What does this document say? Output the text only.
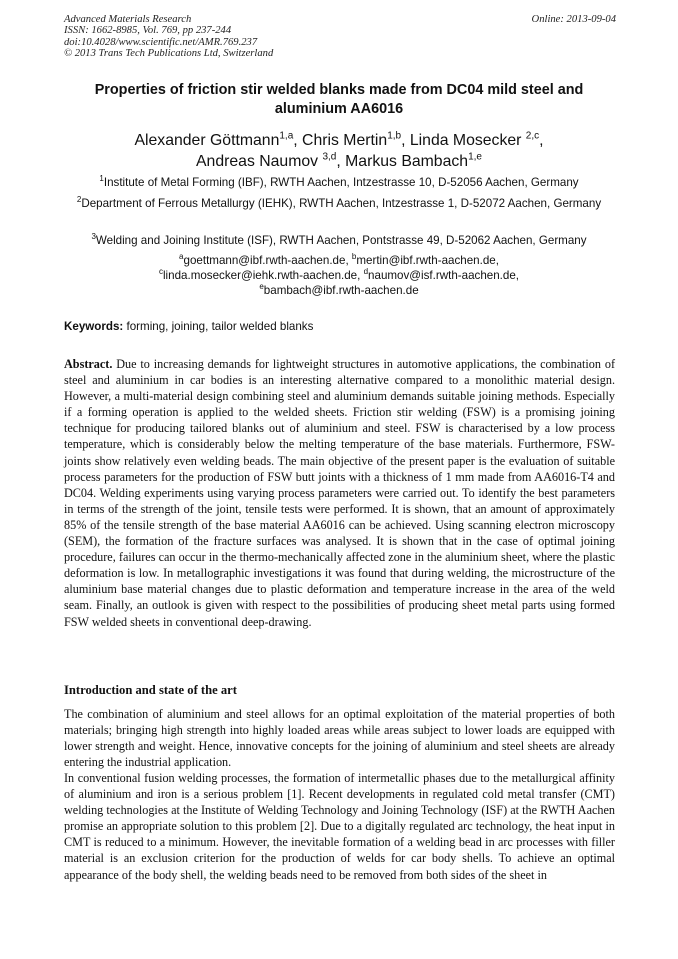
Advanced Materials Research
ISSN: 1662-8985, Vol. 769, pp 237-244
doi:10.4028/www.scientific.net/AMR.769.237
© 2013 Trans Tech Publications Ltd, Switzerland
Online: 2013-09-04
Properties of friction stir welded blanks made from DC04 mild steel and aluminium AA6016
Alexander Göttmann$^{1,a}$, Chris Mertin$^{1,b}$, Linda Mosecker $^{2,c}$,
Andreas Naumov $^{3,d}$, Markus Bambach$^{1,e}$
$^1$Institute of Metal Forming (IBF), RWTH Aachen, Intzestrasse 10, D-52056 Aachen, Germany
$^2$Department of Ferrous Metallurgy (IEHK), RWTH Aachen, Intzestrasse 1, D-52072 Aachen, Germany
$^3$Welding and Joining Institute (ISF), RWTH Aachen, Pontstrasse 49, D-52062 Aachen, Germany
$^a$goettmann@ibf.rwth-aachen.de, $^b$mertin@ibf.rwth-aachen.de,
$^c$linda.mosecker@iehk.rwth-aachen.de, $^d$naumov@isf.rwth-aachen.de,
$^e$bambach@ibf.rwth-aachen.de
Keywords: forming, joining, tailor welded blanks
Abstract. Due to increasing demands for lightweight structures in automotive applications, the combination of steel and aluminium in car bodies is an interesting alternative compared to a monolithic material design. However, a multi-material design combining steel and aluminium demands suitable joining methods. Especially if a forming operation is applied to the welded sheets. Friction stir welding (FSW) is a promising joining technique for producing tailored blanks out of aluminium and steel. FSW is characterised by a low process temperature, which is considerably below the melting temperature of the base materials. Furthermore, FSW-joints show relatively even welding beads. The main objective of the present paper is the evaluation of suitable process parameters for the production of FSW butt joints with a thickness of 1 mm made from AA6016-T4 and DC04. Welding experiments using varying process parameters were carried out. To identify the best parameters in terms of the strength of the joint, tensile tests were performed. It is shown, that an amount of approximately 85% of the tensile strength of the base material AA6016 can be achieved. Using scanning electron microscopy (SEM), the formation of the fracture surfaces was analysed. It is shown that in the case of optimal joining procedure, failures can occur in the thermo-mechanically affected zone in the aluminium sheet, where the plastic deformation is low. In metallographic investigations it was found that during welding, the microstructure of the aluminium base material changes due to plastic deformation and temperature increase in the area of the weld seam. Finally, an outlook is given with respect to the possibilities of producing sheet metal parts using formed FSW welded sheets in conventional deep-drawing.
Introduction and state of the art
The combination of aluminium and steel allows for an optimal exploitation of the material properties of both materials; bringing high strength into highly loaded areas while areas subject to lower loads are equipped with lower strength and weight. Hence, innovative concepts for the joining of aluminium and steel sheets are already entering the industrial application.
In conventional fusion welding processes, the formation of intermetallic phases due to the metallurgical affinity of aluminium and iron is a serious problem [1]. Recent developments in regulated cold metal transfer (CMT) welding technologies at the Institute of Welding Technology and Joining Technology (ISF) at the RWTH Aachen promise an appropriate solution to this problem [2]. Due to a digitally regulated arc technology, the heat input in CMT is reduced to a minimum. However, the inevitable formation of a welding bead in arc processes with filler material is an exclusion criterion for the production of welds for car body shells. To achieve an optimal appearance of the body shell, the welding beads need to be removed from both sides of the sheet in
